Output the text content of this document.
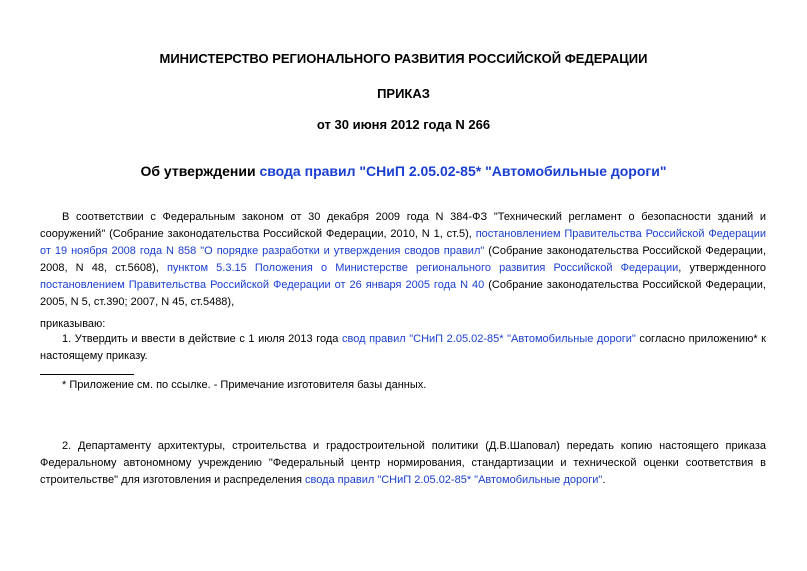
МИНИСТЕРСТВО РЕГИОНАЛЬНОГО РАЗВИТИЯ РОССИЙСКОЙ ФЕДЕРАЦИИ
ПРИКАЗ
от 30 июня 2012 года N 266
Об утверждении свода правил "СНиП 2.05.02-85* "Автомобильные дороги"
В соответствии с Федеральным законом от 30 декабря 2009 года N 384-ФЗ "Технический регламент о безопасности зданий и сооружений" (Собрание законодательства Российской Федерации, 2010, N 1, ст.5), постановлением Правительства Российской Федерации от 19 ноября 2008 года N 858 "О порядке разработки и утверждения сводов правил" (Собрание законодательства Российской Федерации, 2008, N 48, ст.5608), пунктом 5.3.15 Положения о Министерстве регионального развития Российской Федерации, утвержденного постановлением Правительства Российской Федерации от 26 января 2005 года N 40 (Собрание законодательства Российской Федерации, 2005, N 5, ст.390; 2007, N 45, ст.5488),
приказываю:
1. Утвердить и ввести в действие с 1 июля 2013 года свод правил "СНиП 2.05.02-85* "Автомобильные дороги" согласно приложению* к настоящему приказу.
* Приложение см. по ссылке. - Примечание изготовителя базы данных.
2. Департаменту архитектуры, строительства и градостроительной политики (Д.В.Шаповал) передать копию настоящего приказа Федеральному автономному учреждению "Федеральный центр нормирования, стандартизации и технической оценки соответствия в строительстве" для изготовления и распределения свода правил "СНиП 2.05.02-85* "Автомобильные дороги".
